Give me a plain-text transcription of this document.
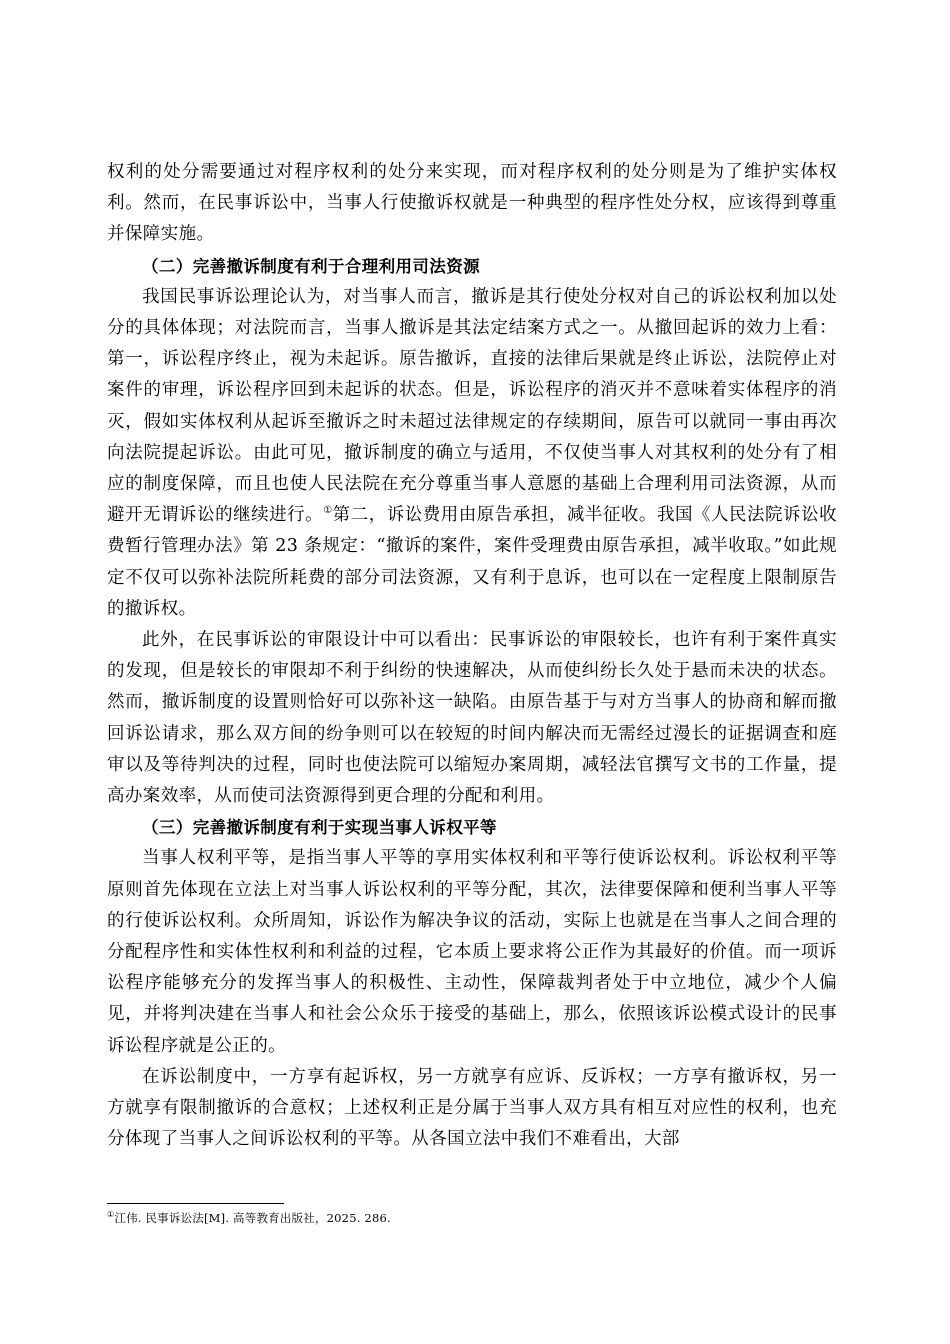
权利的处分需要通过对程序权利的处分来实现，而对程序权利的处分则是为了维护实体权利。然而，在民事诉讼中，当事人行使撤诉权就是一种典型的程序性处分权，应该得到尊重并保障实施。

（二）完善撤诉制度有利于合理利用司法资源

我国民事诉讼理论认为，对当事人而言，撤诉是其行使处分权对自己的诉讼权利加以处分的具体体现；对法院而言，当事人撤诉是其法定结案方式之一。从撤回起诉的效力上看：第一，诉讼程序终止，视为未起诉。原告撤诉，直接的法律后果就是终止诉讼，法院停止对案件的审理，诉讼程序回到未起诉的状态。但是，诉讼程序的消灭并不意味着实体程序的消灭，假如实体权利从起诉至撤诉之时未超过法律规定的存续期间，原告可以就同一事由再次向法院提起诉讼。由此可见，撤诉制度的确立与适用，不仅使当事人对其权利的处分有了相应的制度保障，而且也使人民法院在充分尊重当事人意愿的基础上合理利用司法资源，从而避开无谓诉讼的继续进行。①第二，诉讼费用由原告承担，减半征收。我国《人民法院诉讼收费暂行管理办法》第 23 条规定：“撤诉的案件，案件受理费由原告承担，减半收取。”如此规定不仅可以弥补法院所耗费的部分司法资源，又有利于息诉，也可以在一定程度上限制原告的撤诉权。

此外，在民事诉讼的审限设计中可以看出：民事诉讼的审限较长，也许有利于案件真实的发现，但是较长的审限却不利于纠纷的快速解决，从而使纠纷长久处于悬而未决的状态。然而，撤诉制度的设置则恰好可以弥补这一缺陷。由原告基于与对方当事人的协商和解而撤回诉讼请求，那么双方间的纷争则可以在较短的时间内解决而无需经过漫长的证据调查和庭审以及等待判决的过程，同时也使法院可以缩短办案周期，减轻法官撰写文书的工作量，提高办案效率，从而使司法资源得到更合理的分配和利用。

（三）完善撤诉制度有利于实现当事人诉权平等

当事人权利平等，是指当事人平等的享用实体权利和平等行使诉讼权利。诉讼权利平等原则首先体现在立法上对当事人诉讼权利的平等分配，其次，法律要保障和便利当事人平等的行使诉讼权利。众所周知，诉讼作为解决争议的活动，实际上也就是在当事人之间合理的分配程序性和实体性权利和利益的过程，它本质上要求将公正作为其最好的价值。而一项诉讼程序能够充分的发挥当事人的积极性、主动性，保障裁判者处于中立地位，减少个人偏见，并将判决建在当事人和社会公众乐于接受的基础上，那么，依照该诉讼模式设计的民事诉讼程序就是公正的。

在诉讼制度中，一方享有起诉权，另一方就享有应诉、反诉权；一方享有撤诉权，另一方就享有限制撤诉的合意权；上述权利正是分属于当事人双方具有相互对应性的权利，也充分体现了当事人之间诉讼权利的平等。从各国立法中我们不难看出，大部

①江伟. 民事诉讼法[M]. 高等教育出版社，2025. 286.
